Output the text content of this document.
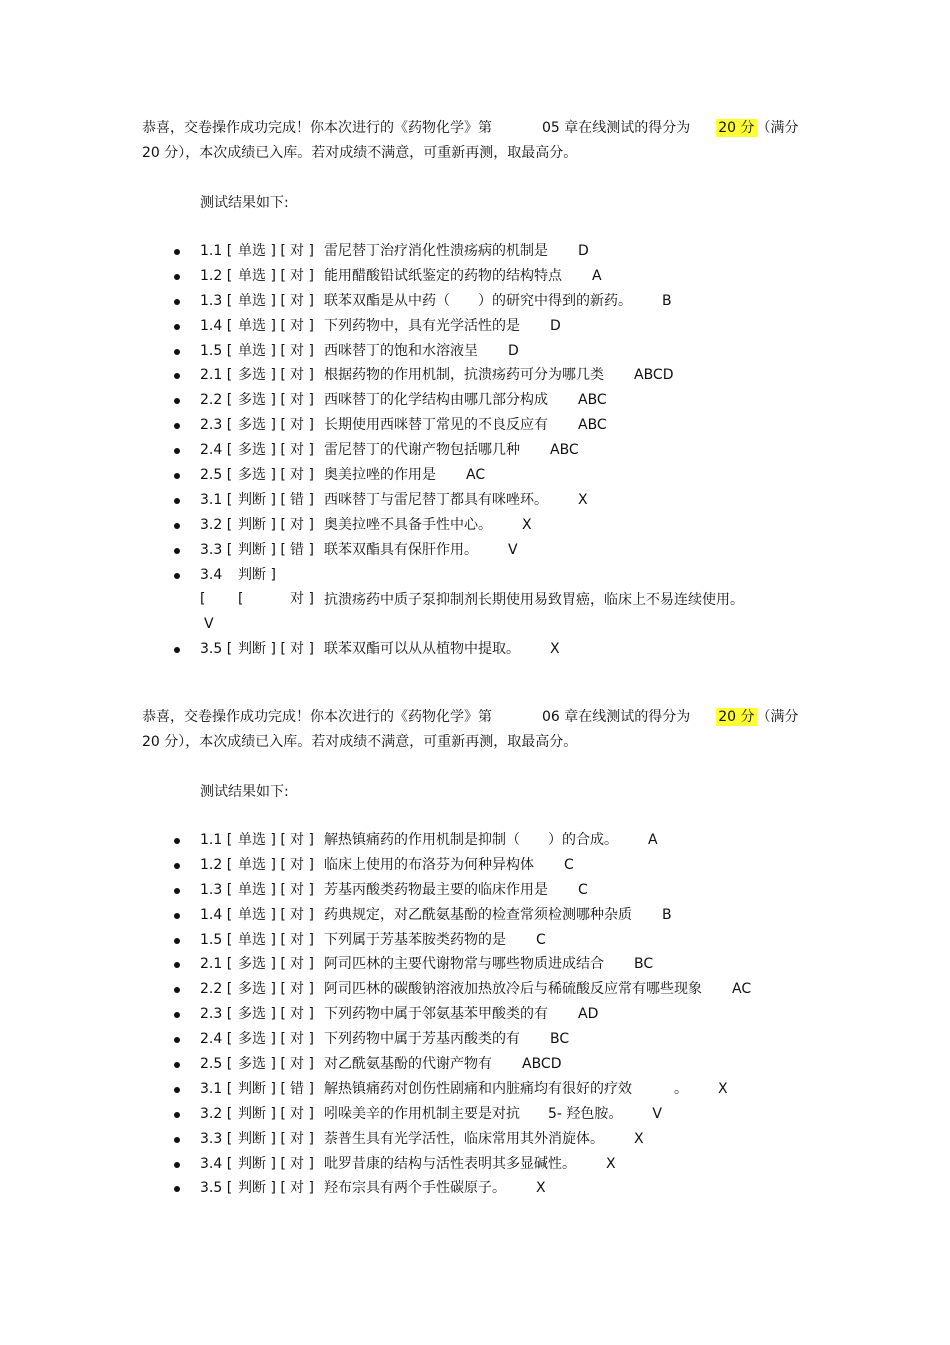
恭喜，交卷操作成功完成！你本次进行的《药物化学》第	05 章在线测试的得分为 20 分 （满分
20 分），本次成绩已入库。若对成绩不满意，可重新再测，取最高分。

测试结果如下:

1.1 [ 单选 ] [ 对 ] 雷尼替丁治疗消化性溃疡病的机制是 D
1.2 [ 单选 ] [ 对 ] 能用醋酸铅试纸鉴定的药物的结构特点 A
1.3 [ 单选 ] [ 对 ] 联苯双酯是从中药（　　）的研究中得到的新药。 B
1.4 [ 单选 ] [ 对 ] 下列药物中，具有光学活性的是 D
1.5 [ 单选 ] [ 对 ] 西咪替丁的饱和水溶液呈 D
2.1 [ 多选 ] [ 对 ] 根据药物的作用机制，抗溃疡药可分为哪几类 ABCD
2.2 [ 多选 ] [ 对 ] 西咪替丁的化学结构由哪几部分构成 ABC
2.3 [ 多选 ] [ 对 ] 长期使用西咪替丁常见的不良反应有 ABC
2.4 [ 多选 ] [ 对 ] 雷尼替丁的代谢产物包括哪几种 ABC
2.5 [ 多选 ] [ 对 ] 奥美拉唑的作用是 AC
3.1 [ 判断 ] [ 错 ] 西咪替丁与雷尼替丁都具有咪唑环。 X
3.2 [ 判断 ] [ 对 ] 奥美拉唑不具备手性中心。 X
3.3 [ 判断 ] [ 错 ] 联苯双酯具有保肝作用。 V
3.4 [判断 ] [	对 ] 抗溃疡药中质子泵抑制剂长期使用易致胃癌，临床上不易连续使用。
V
3.5 [ 判断 ] [ 对 ] 联苯双酯可以从从植物中提取。 X

恭喜，交卷操作成功完成！你本次进行的《药物化学》第	06 章在线测试的得分为 20 分 （满分
20 分），本次成绩已入库。若对成绩不满意，可重新再测，取最高分。

测试结果如下:

1.1 [ 单选 ] [ 对 ] 解热镇痛药的作用机制是抑制（　　）的合成。 A
1.2 [ 单选 ] [ 对 ] 临床上使用的布洛芬为何种异构体 C
1.3 [ 单选 ] [ 对 ] 芳基丙酸类药物最主要的临床作用是 C
1.4 [ 单选 ] [ 对 ] 药典规定，对乙酰氨基酚的检查常须检测哪种杂质 B
1.5 [ 单选 ] [ 对 ] 下列属于芳基苯胺类药物的是 C
2.1 [ 多选 ] [ 对 ] 阿司匹林的主要代谢物常与哪些物质进成结合 BC
2.2 [ 多选 ] [ 对 ] 阿司匹林的碳酸钠溶液加热放冷后与稀硫酸反应常有哪些现象 AC
2.3 [ 多选 ] [ 对 ] 下列药物中属于邻氨基苯甲酸类的有 AD
2.4 [ 多选 ] [ 对 ] 下列药物中属于芳基丙酸类的有 BC
2.5 [ 多选 ] [ 对 ] 对乙酰氨基酚的代谢产物有 ABCD
3.1 [ 判断 ] [ 错 ] 解热镇痛药对创伤性剧痛和内脏痛均有很好的疗效　　　。 X
3.2 [ 判断 ] [ 对 ] 吲哚美辛的作用机制主要是对抗　　5- 羟色胺。 V
3.3 [ 判断 ] [ 对 ] 萘普生具有光学活性，临床常用其外消旋体。 X
3.4 [ 判断 ] [ 对 ] 吡罗昔康的结构与活性表明其多显碱性。 X
3.5 [ 判断 ] [ 对 ] 羟布宗具有两个手性碳原子。 X
